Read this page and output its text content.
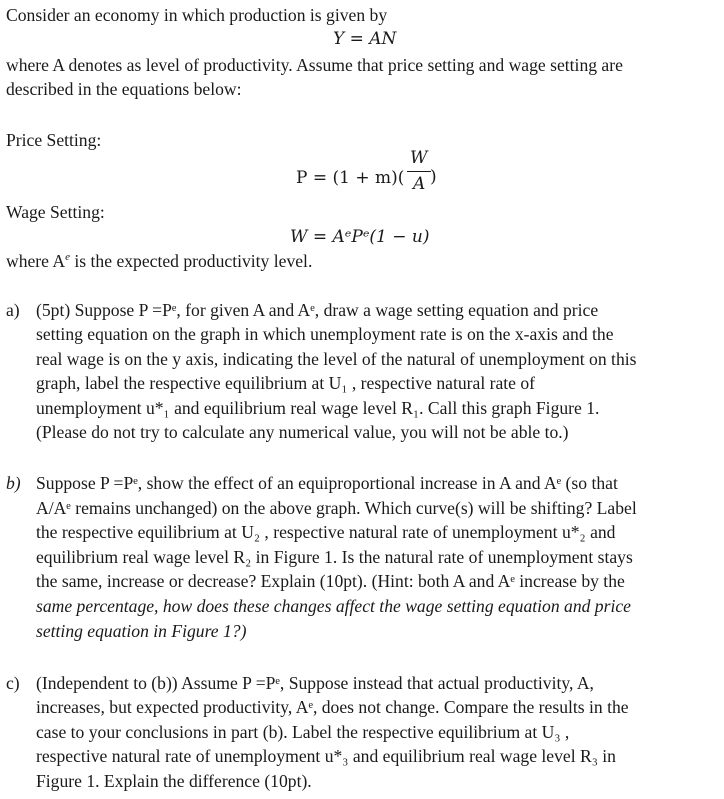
Consider an economy in which production is given by
Y = AN
where A denotes as level of productivity. Assume that price setting and wage setting are
described in the equations below:
Price Setting:
P = (1 + m)(
W
A )
Wage Setting:
W = AᵉPᵉ(1 − u)
where $A^e$ is the expected productivity level.
a) (5pt) Suppose P =Pᵉ, for given A and Aᵉ, draw a wage setting equation and price
setting equation on the graph in which unemployment rate is on the x-axis and the
real wage is on the y axis, indicating the level of the natural of unemployment on this
graph, label the respective equilibrium at U₁ , respective natural rate of
unemployment u*₁ and equilibrium real wage level R₁. Call this graph Figure 1.
(Please do not try to calculate any numerical value, you will not be able to.)
b) Suppose P =Pᵉ, show the effect of an equiproportional increase in A and Aᵉ (so that
A/Aᵉ remains unchanged) on the above graph. Which curve(s) will be shifting? Label
the respective equilibrium at U₂ , respective natural rate of unemployment u*₂ and
equilibrium real wage level R₂ in Figure 1. Is the natural rate of unemployment stays
the same, increase or decrease? Explain (10pt). (Hint: both A and Aᵉ increase by the
same percentage, how does these changes affect the wage setting equation and price
setting equation in Figure 1?)
c) (Independent to (b)) Assume P =Pᵉ, Suppose instead that actual productivity, A,
increases, but expected productivity, Aᵉ, does not change. Compare the results in the
case to your conclusions in part (b). Label the respective equilibrium at U₃ ,
respective natural rate of unemployment u*₃ and equilibrium real wage level R₃ in
Figure 1. Explain the difference (10pt).
